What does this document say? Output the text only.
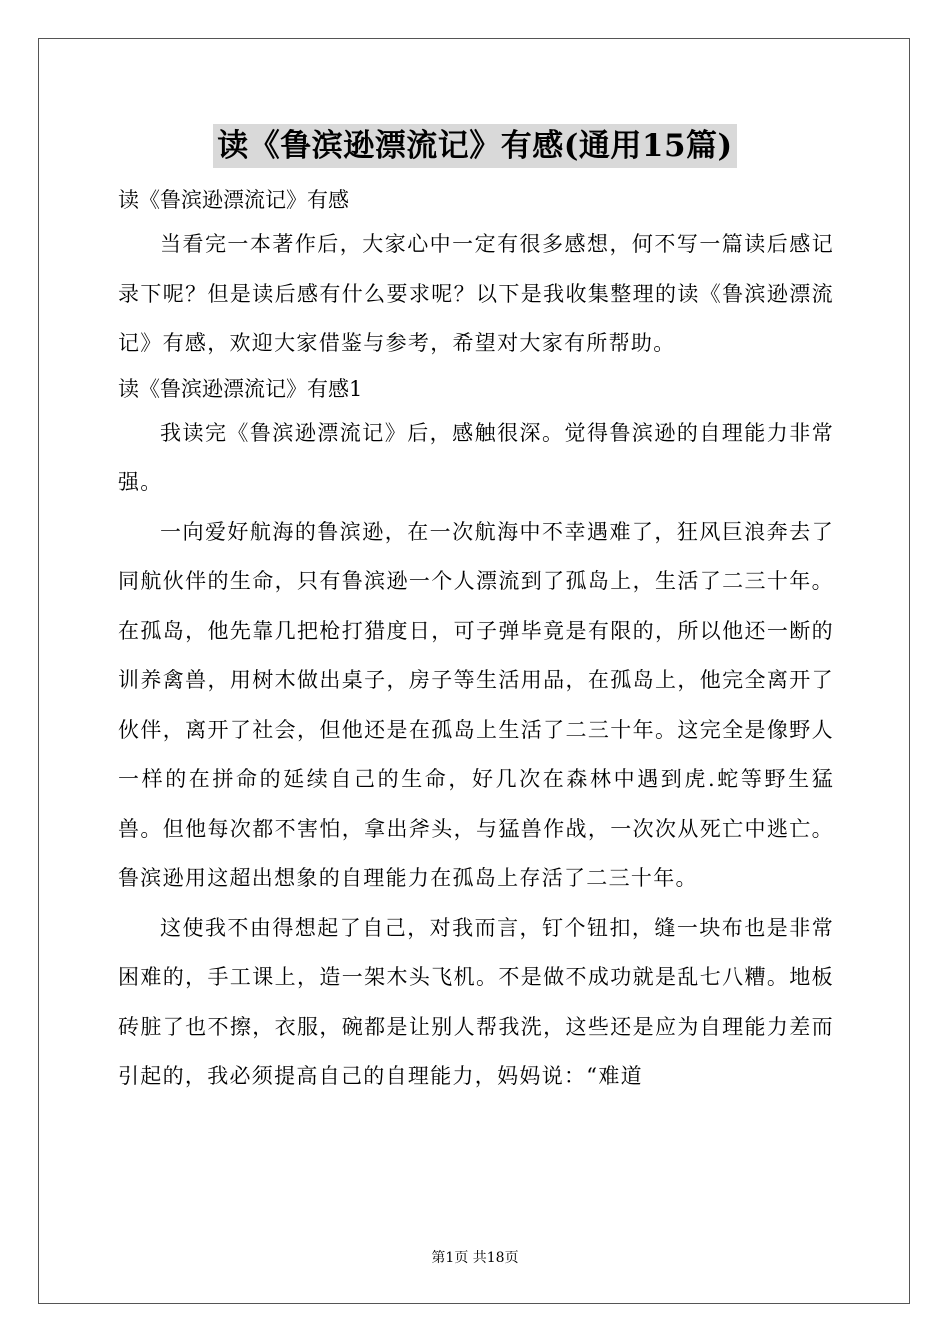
读《鲁滨逊漂流记》有感(通用15篇)

读《鲁滨逊漂流记》有感

当看完一本著作后，大家心中一定有很多感想，何不写一篇读后感记录下呢？但是读后感有什么要求呢？以下是我收集整理的读《鲁滨逊漂流记》有感，欢迎大家借鉴与参考，希望对大家有所帮助。

读《鲁滨逊漂流记》有感1

我读完《鲁滨逊漂流记》后，感触很深。觉得鲁滨逊的自理能力非常强。

一向爱好航海的鲁滨逊，在一次航海中不幸遇难了，狂风巨浪奔去了同航伙伴的生命，只有鲁滨逊一个人漂流到了孤岛上，生活了二三十年。在孤岛，他先靠几把枪打猎度日，可子弹毕竟是有限的，所以他还一断的训养禽兽，用树木做出桌子，房子等生活用品，在孤岛上，他完全离开了伙伴，离开了社会，但他还是在孤岛上生活了二三十年。这完全是像野人一样的在拼命的延续自己的生命，好几次在森林中遇到虎.蛇等野生猛兽。但他每次都不害怕，拿出斧头，与猛兽作战，一次次从死亡中逃亡。鲁滨逊用这超出想象的自理能力在孤岛上存活了二三十年。

这使我不由得想起了自己，对我而言，钉个钮扣，缝一块布也是非常困难的，手工课上，造一架木头飞机。不是做不成功就是乱七八糟。地板砖脏了也不擦，衣服，碗都是让别人帮我洗，这些还是应为自理能力差而引起的，我必须提高自己的自理能力，妈妈说：“难道

第1页 共18页
